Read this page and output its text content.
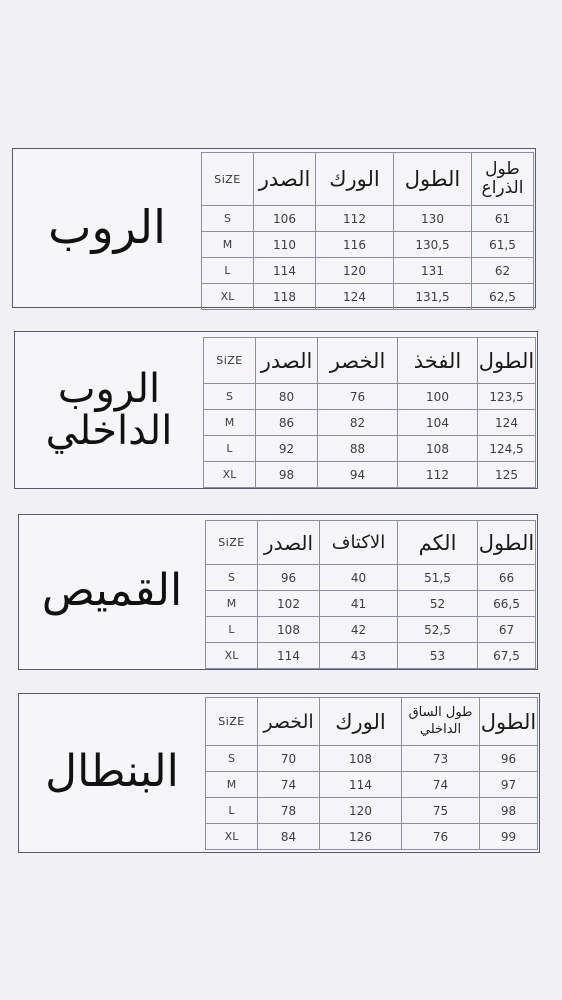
الروب
SiZE	الصدر	الورك	الطول	طول الذراع
S	106	112	130	61
M	110	116	130,5	61,5
L	114	120	131	62
XL	118	124	131,5	62,5
الروب
الداخلي
SiZE	الصدر	الخصر	الفخذ	الطول
S	80	76	100	123,5
M	86	82	104	124
L	92	88	108	124,5
XL	98	94	112	125
القميص
SiZE	الصدر	الاكتاف	الكم	الطول
S	96	40	51,5	66
M	102	41	52	66,5
L	108	42	52,5	67
XL	114	43	53	67,5
البنطال
SiZE	الخصر	الورك	طول الساق الداخلي	الطول
S	70	108	73	96
M	74	114	74	97
L	78	120	75	98
XL	84	126	76	99
